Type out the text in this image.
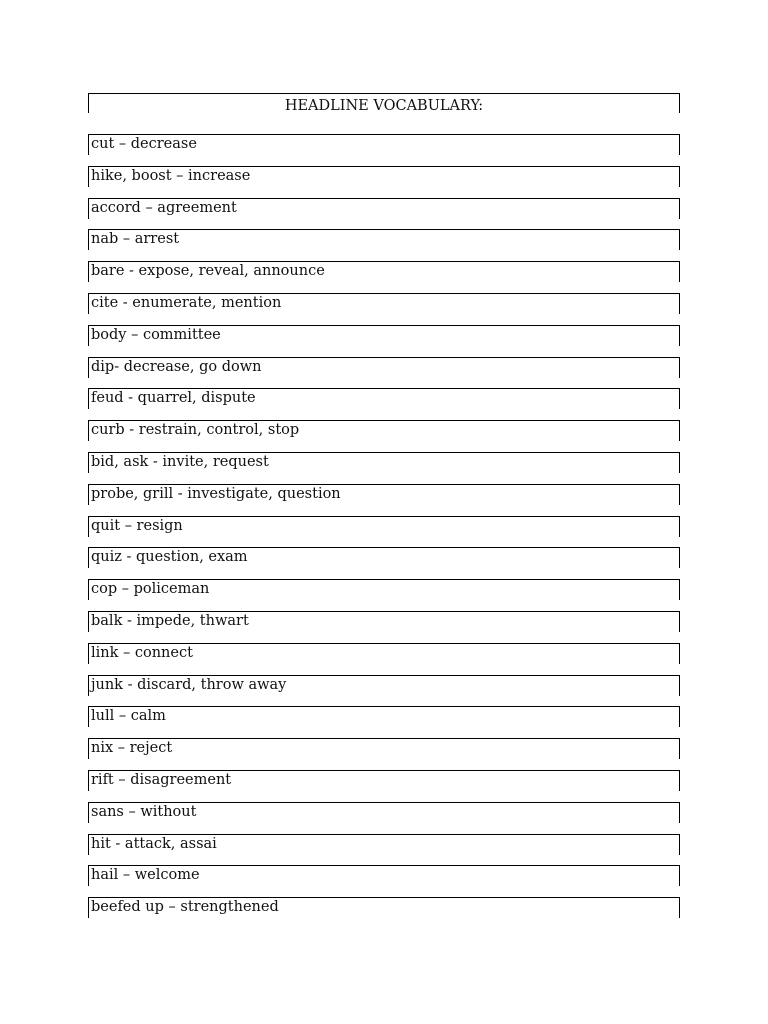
HEADLINE VOCABULARY:
cut – decrease
hike, boost – increase
accord – agreement
nab – arrest
bare - expose, reveal, announce
cite - enumerate, mention
body – committee
dip- decrease, go down
feud - quarrel, dispute
curb - restrain, control, stop
bid, ask - invite, request
probe, grill - investigate, question
quit – resign
quiz - question, exam
cop – policeman
balk - impede, thwart
link – connect
junk - discard, throw away
lull – calm
nix – reject
rift – disagreement
sans – without
hit - attack, assai
hail – welcome
beefed up – strengthened
